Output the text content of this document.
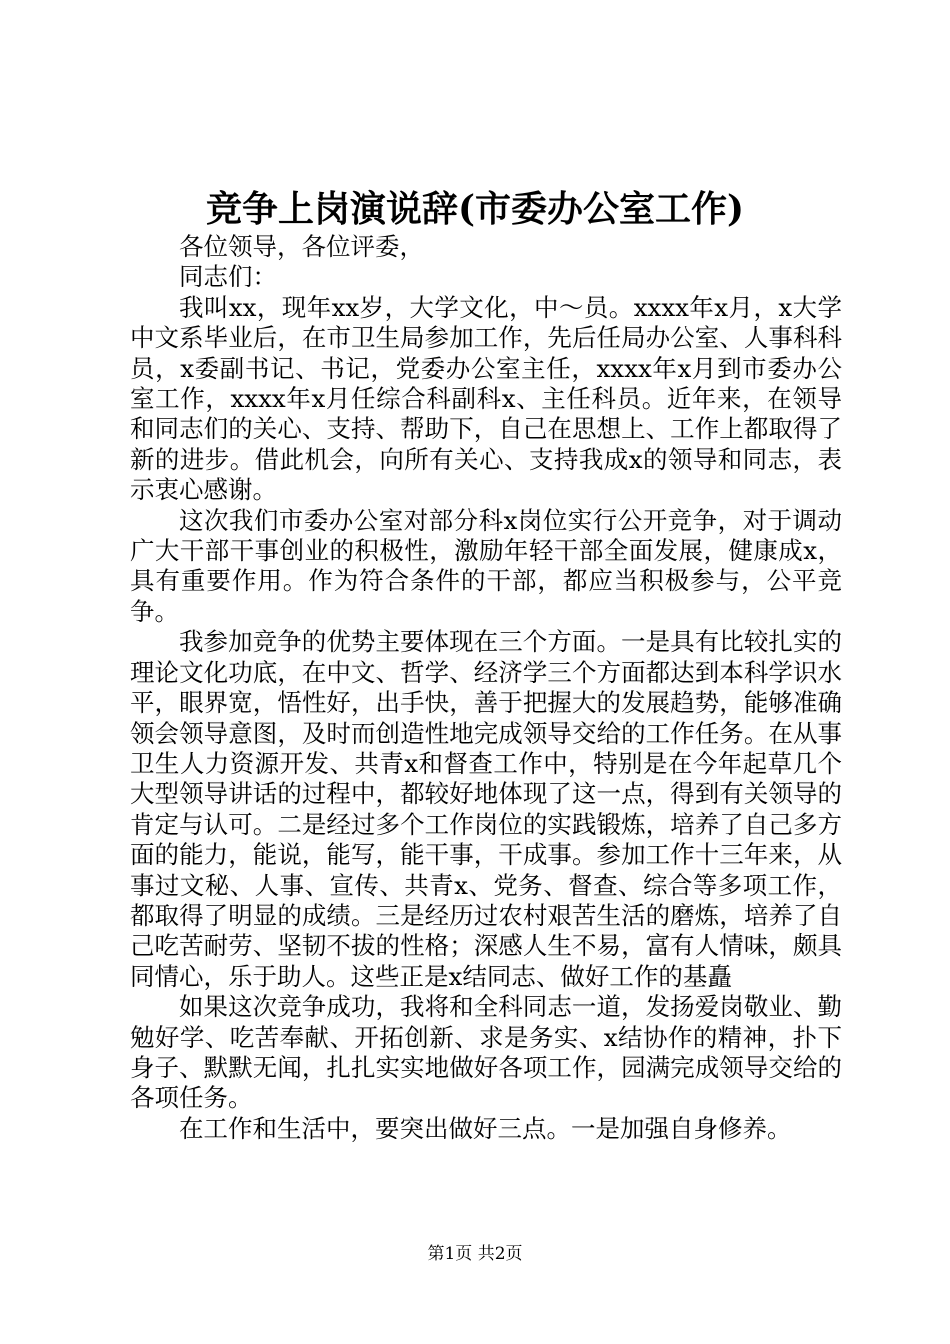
竞争上岗演说辞(市委办公室工作)

各位领导，各位评委，

同志们：

我叫xx，现年xx岁，大学文化，中～员。xxxx年x月，x大学中文系毕业后，在市卫生局参加工作，先后任局办公室、人事科科员，x委副书记、书记，党委办公室主任，xxxx年x月到市委办公室工作，xxxx年x月任综合科副科x、主任科员。近年来，在领导和同志们的关心、支持、帮助下，自己在思想上、工作上都取得了新的进步。借此机会，向所有关心、支持我成x的领导和同志，表示衷心感谢。

这次我们市委办公室对部分科x岗位实行公开竞争，对于调动广大干部干事创业的积极性，激励年轻干部全面发展，健康成x，具有重要作用。作为符合条件的干部，都应当积极参与，公平竞争。

我参加竞争的优势主要体现在三个方面。一是具有比较扎实的理论文化功底，在中文、哲学、经济学三个方面都达到本科学识水平，眼界宽，悟性好，出手快，善于把握大的发展趋势，能够准确领会领导意图，及时而创造性地完成领导交给的工作任务。在从事卫生人力资源开发、共青x和督查工作中，特别是在今年起草几个大型领导讲话的过程中，都较好地体现了这一点，得到有关领导的肯定与认可。二是经过多个工作岗位的实践锻炼，培养了自己多方面的能力，能说，能写，能干事，干成事。参加工作十三年来，从事过文秘、人事、宣传、共青x、党务、督查、综合等多项工作，都取得了明显的成绩。三是经历过农村艰苦生活的磨炼，培养了自己吃苦耐劳、坚韧不拔的性格；深感人生不易，富有人情味，颇具同情心，乐于助人。这些正是x结同志、做好工作的基矗

如果这次竞争成功，我将和全科同志一道，发扬爱岗敬业、勤勉好学、吃苦奉献、开拓创新、求是务实、x结协作的精神，扑下身子、默默无闻，扎扎实实地做好各项工作，园满完成领导交给的各项任务。

在工作和生活中，要突出做好三点。一是加强自身修养。

第1页 共2页
